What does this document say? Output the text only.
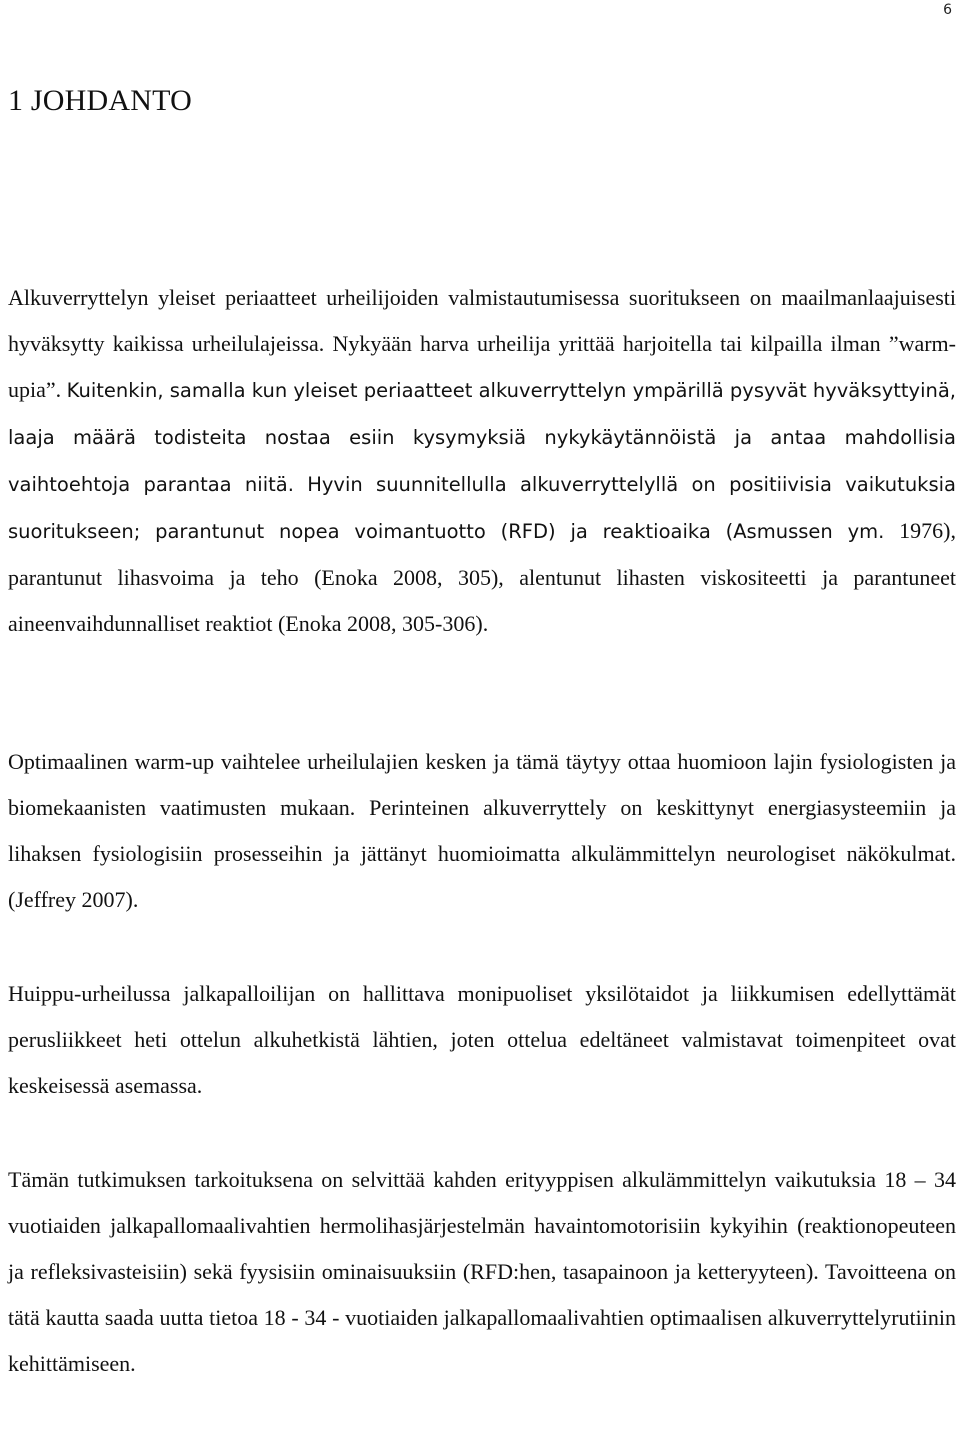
6
1 JOHDANTO

Alkuverryttelyn yleiset periaatteet urheilijoiden valmistautumisessa suoritukseen on maailmanlaajuisesti hyväksytty kaikissa urheilulajeissa. Nykyään harva urheilija yrittää harjoitella tai kilpailla ilman ”warm-upia”. Kuitenkin, samalla kun yleiset periaatteet alkuverryttelyn ympärillä pysyvät hyväksyttyinä, laaja määrä todisteita nostaa esiin kysymyksiä nykykäytännöistä ja antaa mahdollisia vaihtoehtoja parantaa niitä. Hyvin suunnitellulla alkuverryttelyllä on positiivisia vaikutuksia suoritukseen; parantunut nopea voimantuotto (RFD) ja reaktioaika (Asmussen ym. 1976), parantunut lihasvoima ja teho (Enoka 2008, 305), alentunut lihasten viskositeetti ja parantuneet aineenvaihdunnalliset reaktiot (Enoka 2008, 305-306).

Optimaalinen warm-up vaihtelee urheilulajien kesken ja tämä täytyy ottaa huomioon lajin fysiologisten ja biomekaanisten vaatimusten mukaan. Perinteinen alkuverryttely on keskittynyt energiasysteemiin ja lihaksen fysiologisiin prosesseihin ja jättänyt huomioimatta alkulämmittelyn neurologiset näkökulmat. (Jeffrey 2007).

Huippu-urheilussa jalkapalloilijan on hallittava monipuoliset yksilötaidot ja liikkumisen edellyttämät perusliikkeet heti ottelun alkuhetkistä lähtien, joten ottelua edeltäneet valmistavat toimenpiteet ovat keskeisessä asemassa.

Tämän tutkimuksen tarkoituksena on selvittää kahden erityyppisen alkulämmittelyn vaikutuksia 18 – 34 vuotiaiden jalkapallomaalivahtien hermolihasjärjestelmän havaintomotorisiin kykyihin (reaktionopeuteen ja refleksivasteisiin) sekä fyysisiin ominaisuuksiin (RFD:hen, tasapainoon ja ketteryyteen). Tavoitteena on tätä kautta saada uutta tietoa 18 - 34 - vuotiaiden jalkapallomaalivahtien optimaalisen alkuverryttelyrutiinin kehittämiseen.
